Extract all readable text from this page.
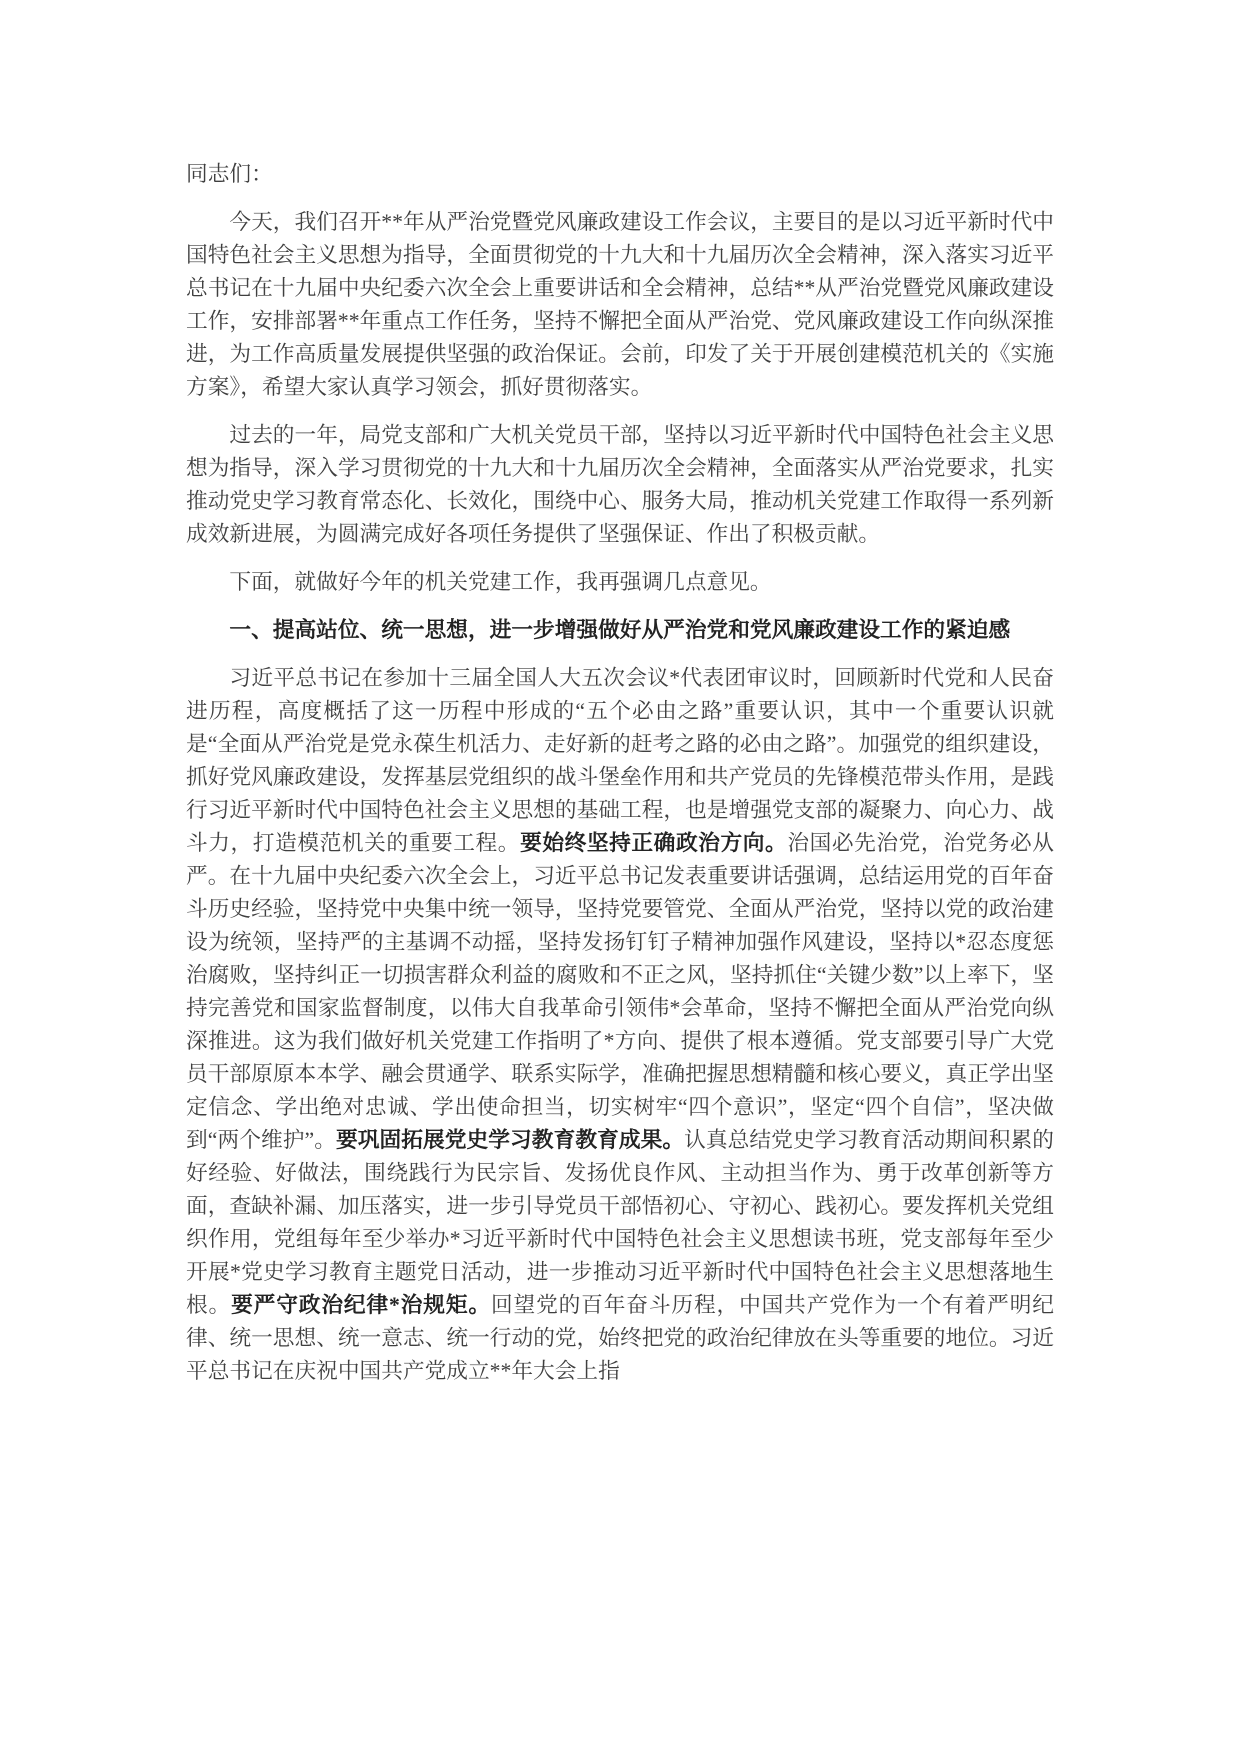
同志们：

今天，我们召开**年从严治党暨党风廉政建设工作会议，主要目的是以习近平新时代中国特色社会主义思想为指导，全面贯彻党的十九大和十九届历次全会精神，深入落实习近平总书记在十九届中央纪委六次全会上重要讲话和全会精神，总结**从严治党暨党风廉政建设工作，安排部署**年重点工作任务，坚持不懈把全面从严治党、党风廉政建设工作向纵深推进，为工作高质量发展提供坚强的政治保证。会前，印发了关于开展创建模范机关的《实施方案》，希望大家认真学习领会，抓好贯彻落实。

过去的一年，局党支部和广大机关党员干部，坚持以习近平新时代中国特色社会主义思想为指导，深入学习贯彻党的十九大和十九届历次全会精神，全面落实从严治党要求，扎实推动党史学习教育常态化、长效化，围绕中心、服务大局，推动机关党建工作取得一系列新成效新进展，为圆满完成好各项任务提供了坚强保证、作出了积极贡献。

下面，就做好今年的机关党建工作，我再强调几点意见。

一、提高站位、统一思想，进一步增强做好从严治党和党风廉政建设工作的紧迫感

习近平总书记在参加十三届全国人大五次会议*代表团审议时，回顾新时代党和人民奋进历程，高度概括了这一历程中形成的“五个必由之路”重要认识，其中一个重要认识就是“全面从严治党是党永葆生机活力、走好新的赶考之路的必由之路”。加强党的组织建设，抓好党风廉政建设，发挥基层党组织的战斗堡垒作用和共产党员的先锋模范带头作用，是践行习近平新时代中国特色社会主义思想的基础工程，也是增强党支部的凝聚力、向心力、战斗力，打造模范机关的重要工程。要始终坚持正确政治方向。治国必先治党，治党务必从严。在十九届中央纪委六次全会上，习近平总书记发表重要讲话强调，总结运用党的百年奋斗历史经验，坚持党中央集中统一领导，坚持党要管党、全面从严治党，坚持以党的政治建设为统领，坚持严的主基调不动摇，坚持发扬钉钉子精神加强作风建设，坚持以*忍态度惩治腐败，坚持纠正一切损害群众利益的腐败和不正之风，坚持抓住“关键少数”以上率下，坚持完善党和国家监督制度，以伟大自我革命引领伟*会革命，坚持不懈把全面从严治党向纵深推进。这为我们做好机关党建工作指明了*方向、提供了根本遵循。党支部要引导广大党员干部原原本本学、融会贯通学、联系实际学，准确把握思想精髓和核心要义，真正学出坚定信念、学出绝对忠诚、学出使命担当，切实树牢“四个意识”，坚定“四个自信”，坚决做到“两个维护”。要巩固拓展党史学习教育教育成果。认真总结党史学习教育活动期间积累的好经验、好做法，围绕践行为民宗旨、发扬优良作风、主动担当作为、勇于改革创新等方面，查缺补漏、加压落实，进一步引导党员干部悟初心、守初心、践初心。要发挥机关党组织作用，党组每年至少举办*习近平新时代中国特色社会主义思想读书班，党支部每年至少开展*党史学习教育主题党日活动，进一步推动习近平新时代中国特色社会主义思想落地生根。要严守政治纪律*治规矩。回望党的百年奋斗历程，中国共产党作为一个有着严明纪律、统一思想、统一意志、统一行动的党，始终把党的政治纪律放在头等重要的地位。习近平总书记在庆祝中国共产党成立**年大会上指
